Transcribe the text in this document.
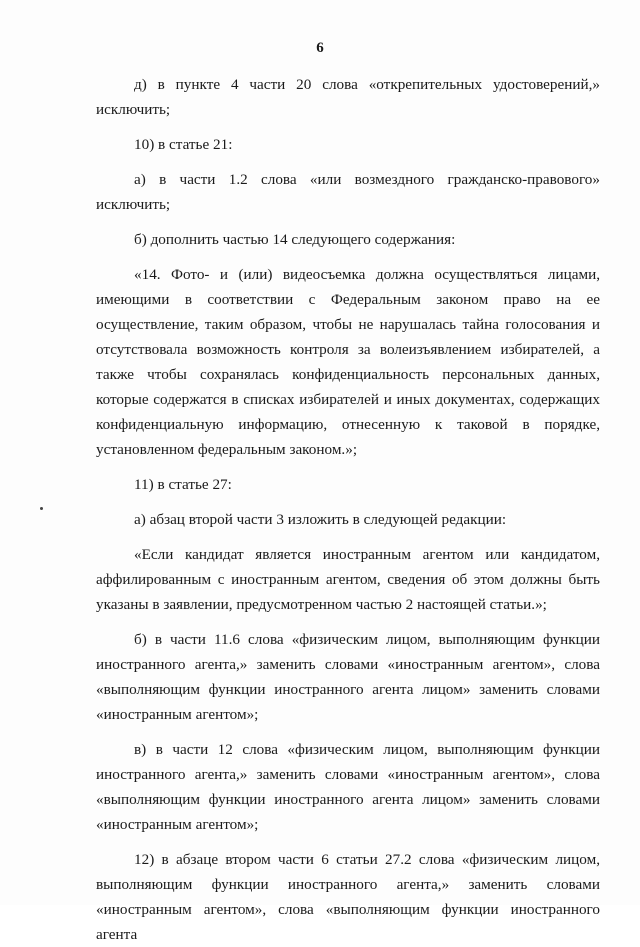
6

д) в пункте 4 части 20 слова «открепительных удостоверений,» исключить;

10) в статье 21:

а) в части 1.2 слова «или возмездного гражданско-правового» исключить;

б) дополнить частью 14 следующего содержания:

«14. Фото- и (или) видеосъемка должна осуществляться лицами, имеющими в соответствии с Федеральным законом право на ее осуществление, таким образом, чтобы не нарушалась тайна голосования и отсутствовала возможность контроля за волеизъявлением избирателей, а также чтобы сохранялась конфиденциальность персональных данных, которые содержатся в списках избирателей и иных документах, содержащих конфиденциальную информацию, отнесенную к таковой в порядке, установленном федеральным законом.»;

11) в статье 27:

а) абзац второй части 3 изложить в следующей редакции:

«Если кандидат является иностранным агентом или кандидатом, аффилированным с иностранным агентом, сведения об этом должны быть указаны в заявлении, предусмотренном частью 2 настоящей статьи.»;

б) в части 11.6 слова «физическим лицом, выполняющим функции иностранного агента,» заменить словами «иностранным агентом», слова «выполняющим функции иностранного агента лицом» заменить словами «иностранным агентом»;

в) в части 12 слова «физическим лицом, выполняющим функции иностранного агента,» заменить словами «иностранным агентом», слова «выполняющим функции иностранного агента лицом» заменить словами «иностранным агентом»;

12) в абзаце втором части 6 статьи 27.2 слова «физическим лицом, выполняющим функции иностранного агента,» заменить словами «иностранным агентом», слова «выполняющим функции иностранного агента
